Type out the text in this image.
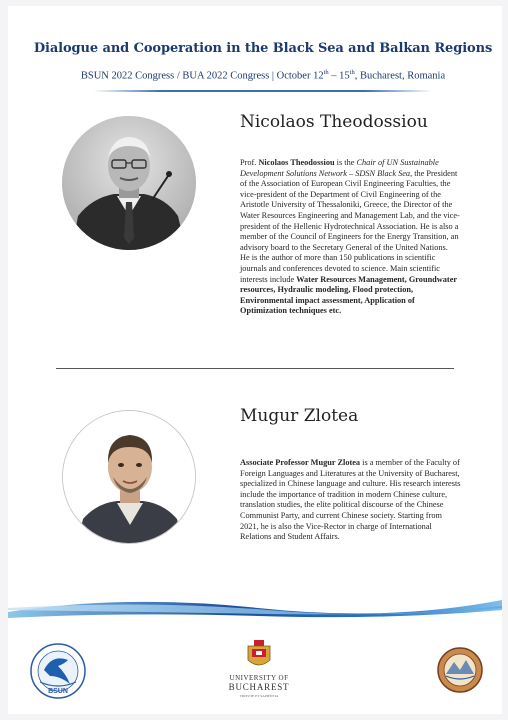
Dialogue and Cooperation in the Black Sea and Balkan Regions
BSUN 2022 Congress / BUA 2022 Congress | October 12th – 15th, Bucharest, Romania
Nicolaos Theodossiou
Prof. Nicolaos Theodossiou is the Chair of UN Sustainable Development Solutions Network – SDSN Black Sea, the President of the Association of European Civil Engineering Faculties, the vice-president of the Department of Civil Engineering of the Aristotle University of Thessaloniki, Greece, the Director of the Water Resources Engineering and Management Lab, and the vice-president of the Hellenic Hydrotechnical Association. He is also a member of the Council of Engineers for the Energy Transition, an advisory board to the Secretary General of the United Nations.
He is the author of more than 150 publications in scientific journals and conferences devoted to science. Main scientific interests include Water Resources Management, Groundwater resources, Hydraulic modeling, Flood protection, Environmental impact assessment, Application of Optimization techniques etc.
Mugur Zlotea
Associate Professor Mugur Zlotea is a member of the Faculty of Foreign Languages and Literatures at the University of Bucharest, specialized in Chinese language and culture. His research interests include the importance of tradition in modern Chinese culture, translation studies, the elite political discourse of the Chinese Communist Party, and current Chinese society. Starting from 2021, he is also the Vice-Rector in charge of International Relations and Student Affairs.
BSUN
UNIVERSITY OF
BUCHAREST
VIRTUTE ET SAPIENTIA
